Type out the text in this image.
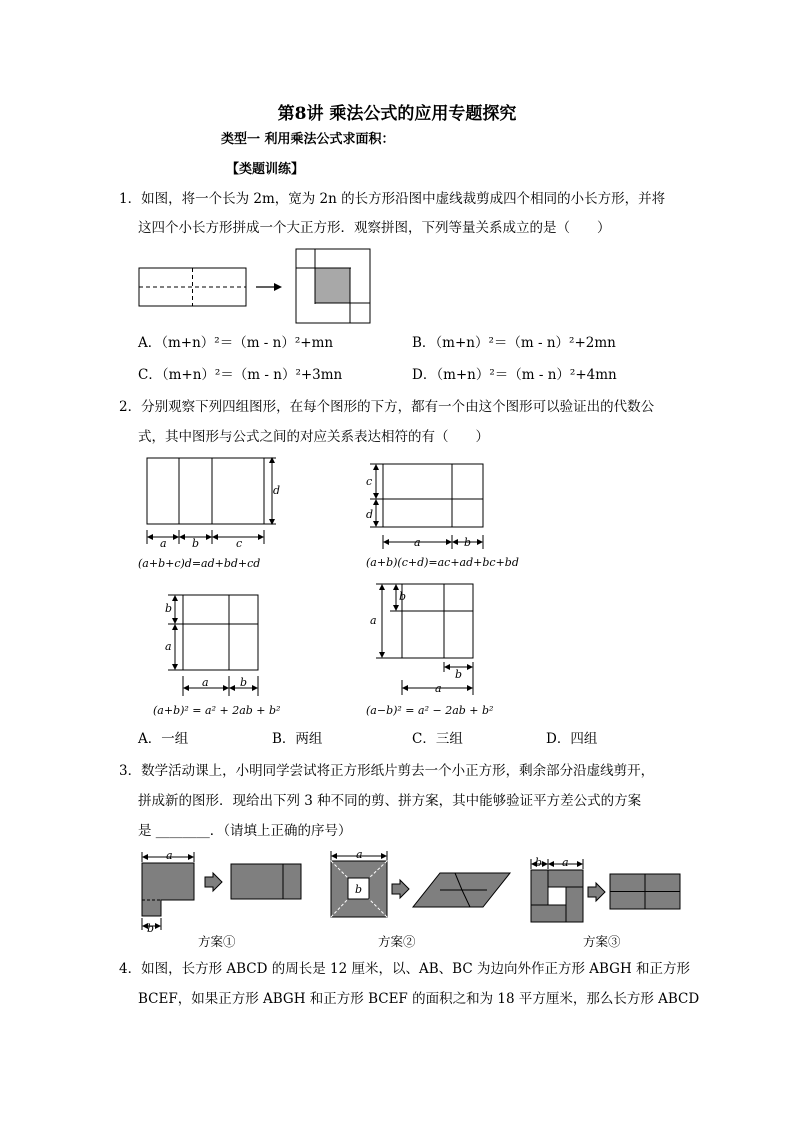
第8讲 乘法公式的应用专题探究
类型一 利用乘法公式求面积：
【类题训练】
1．如图，将一个长为 2m，宽为 2n 的长方形沿图中虚线裁剪成四个相同的小长方形，并将
这四个小长方形拼成一个大正方形．观察拼图，下列等量关系成立的是（　　）
A．（m+n）²＝（m - n）²+mn	B．（m+n）²＝（m - n）²+2mn
C．（m+n）²＝（m - n）²+3mn	D．（m+n）²＝（m - n）²+4mn
2．分别观察下列四组图形，在每个图形的下方，都有一个由这个图形可以验证出的代数公
式，其中图形与公式之间的对应关系表达相符的有（　　）
d
a b	c
(a+b+c)d=ad+bd+cd
c
d
a	b
(a+b)(c+d)=ac+ad+bc+bd
b
a
a	b
(a+b)² = a² + 2ab + b²
b
a
b
a
(a−b)² = a² − 2ab + b²
A．一组	B．两组	C．三组	D．四组
3．数学活动课上，小明同学尝试将正方形纸片剪去一个小正方形，剩余部分沿虚线剪开，
拼成新的图形．现给出下列 3 种不同的剪、拼方案，其中能够验证平方差公式的方案
是 ________．（请填上正确的序号）
a
b
a
b
b a
方案①	方案②	方案③
4．如图，长方形 ABCD 的周长是 12 厘米，以、AB、BC 为边向外作正方形 ABGH 和正方形
BCEF，如果正方形 ABGH 和正方形 BCEF 的面积之和为 18 平方厘米，那么长方形 ABCD
